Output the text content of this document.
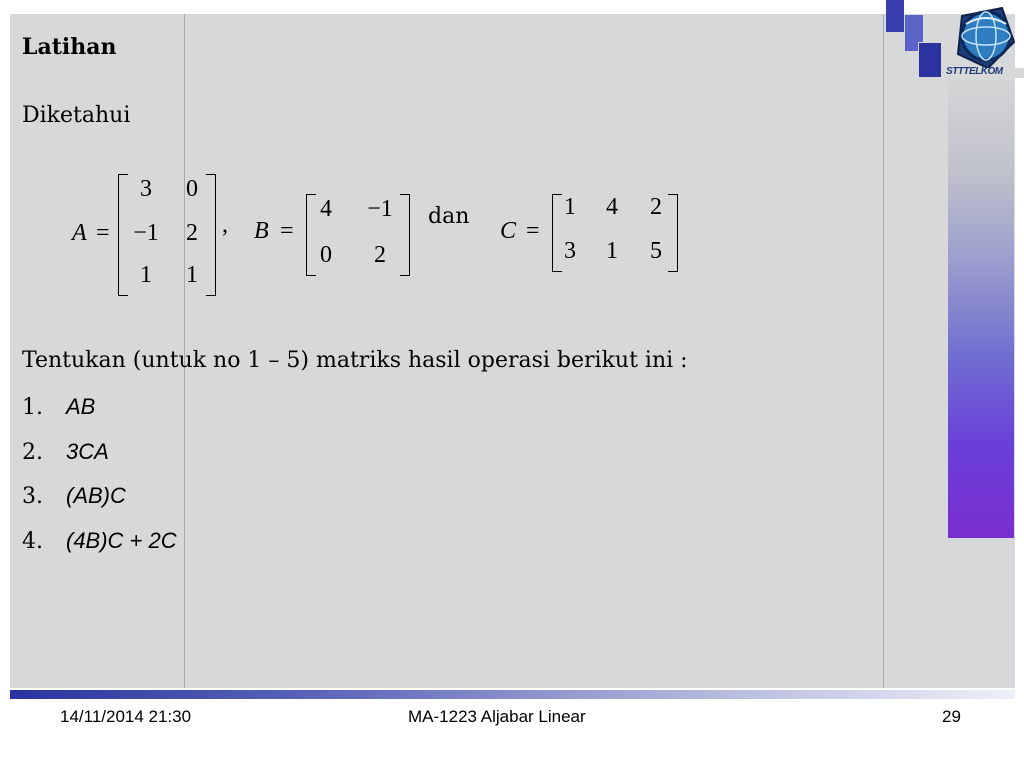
STTTELKOM
Latihan
Diketahui
A =
3	0
−1	2
1	1
, B =
4	−1
0	2
dan
C =
1	4	2
3	1	5
Tentukan (untuk no 1 – 5) matriks hasil operasi berikut ini :
1. AB
2. 3CA
3. (AB)C
4. (4B)C + 2C
14/11/2014 21:30	MA-1223 Aljabar Linear	29
